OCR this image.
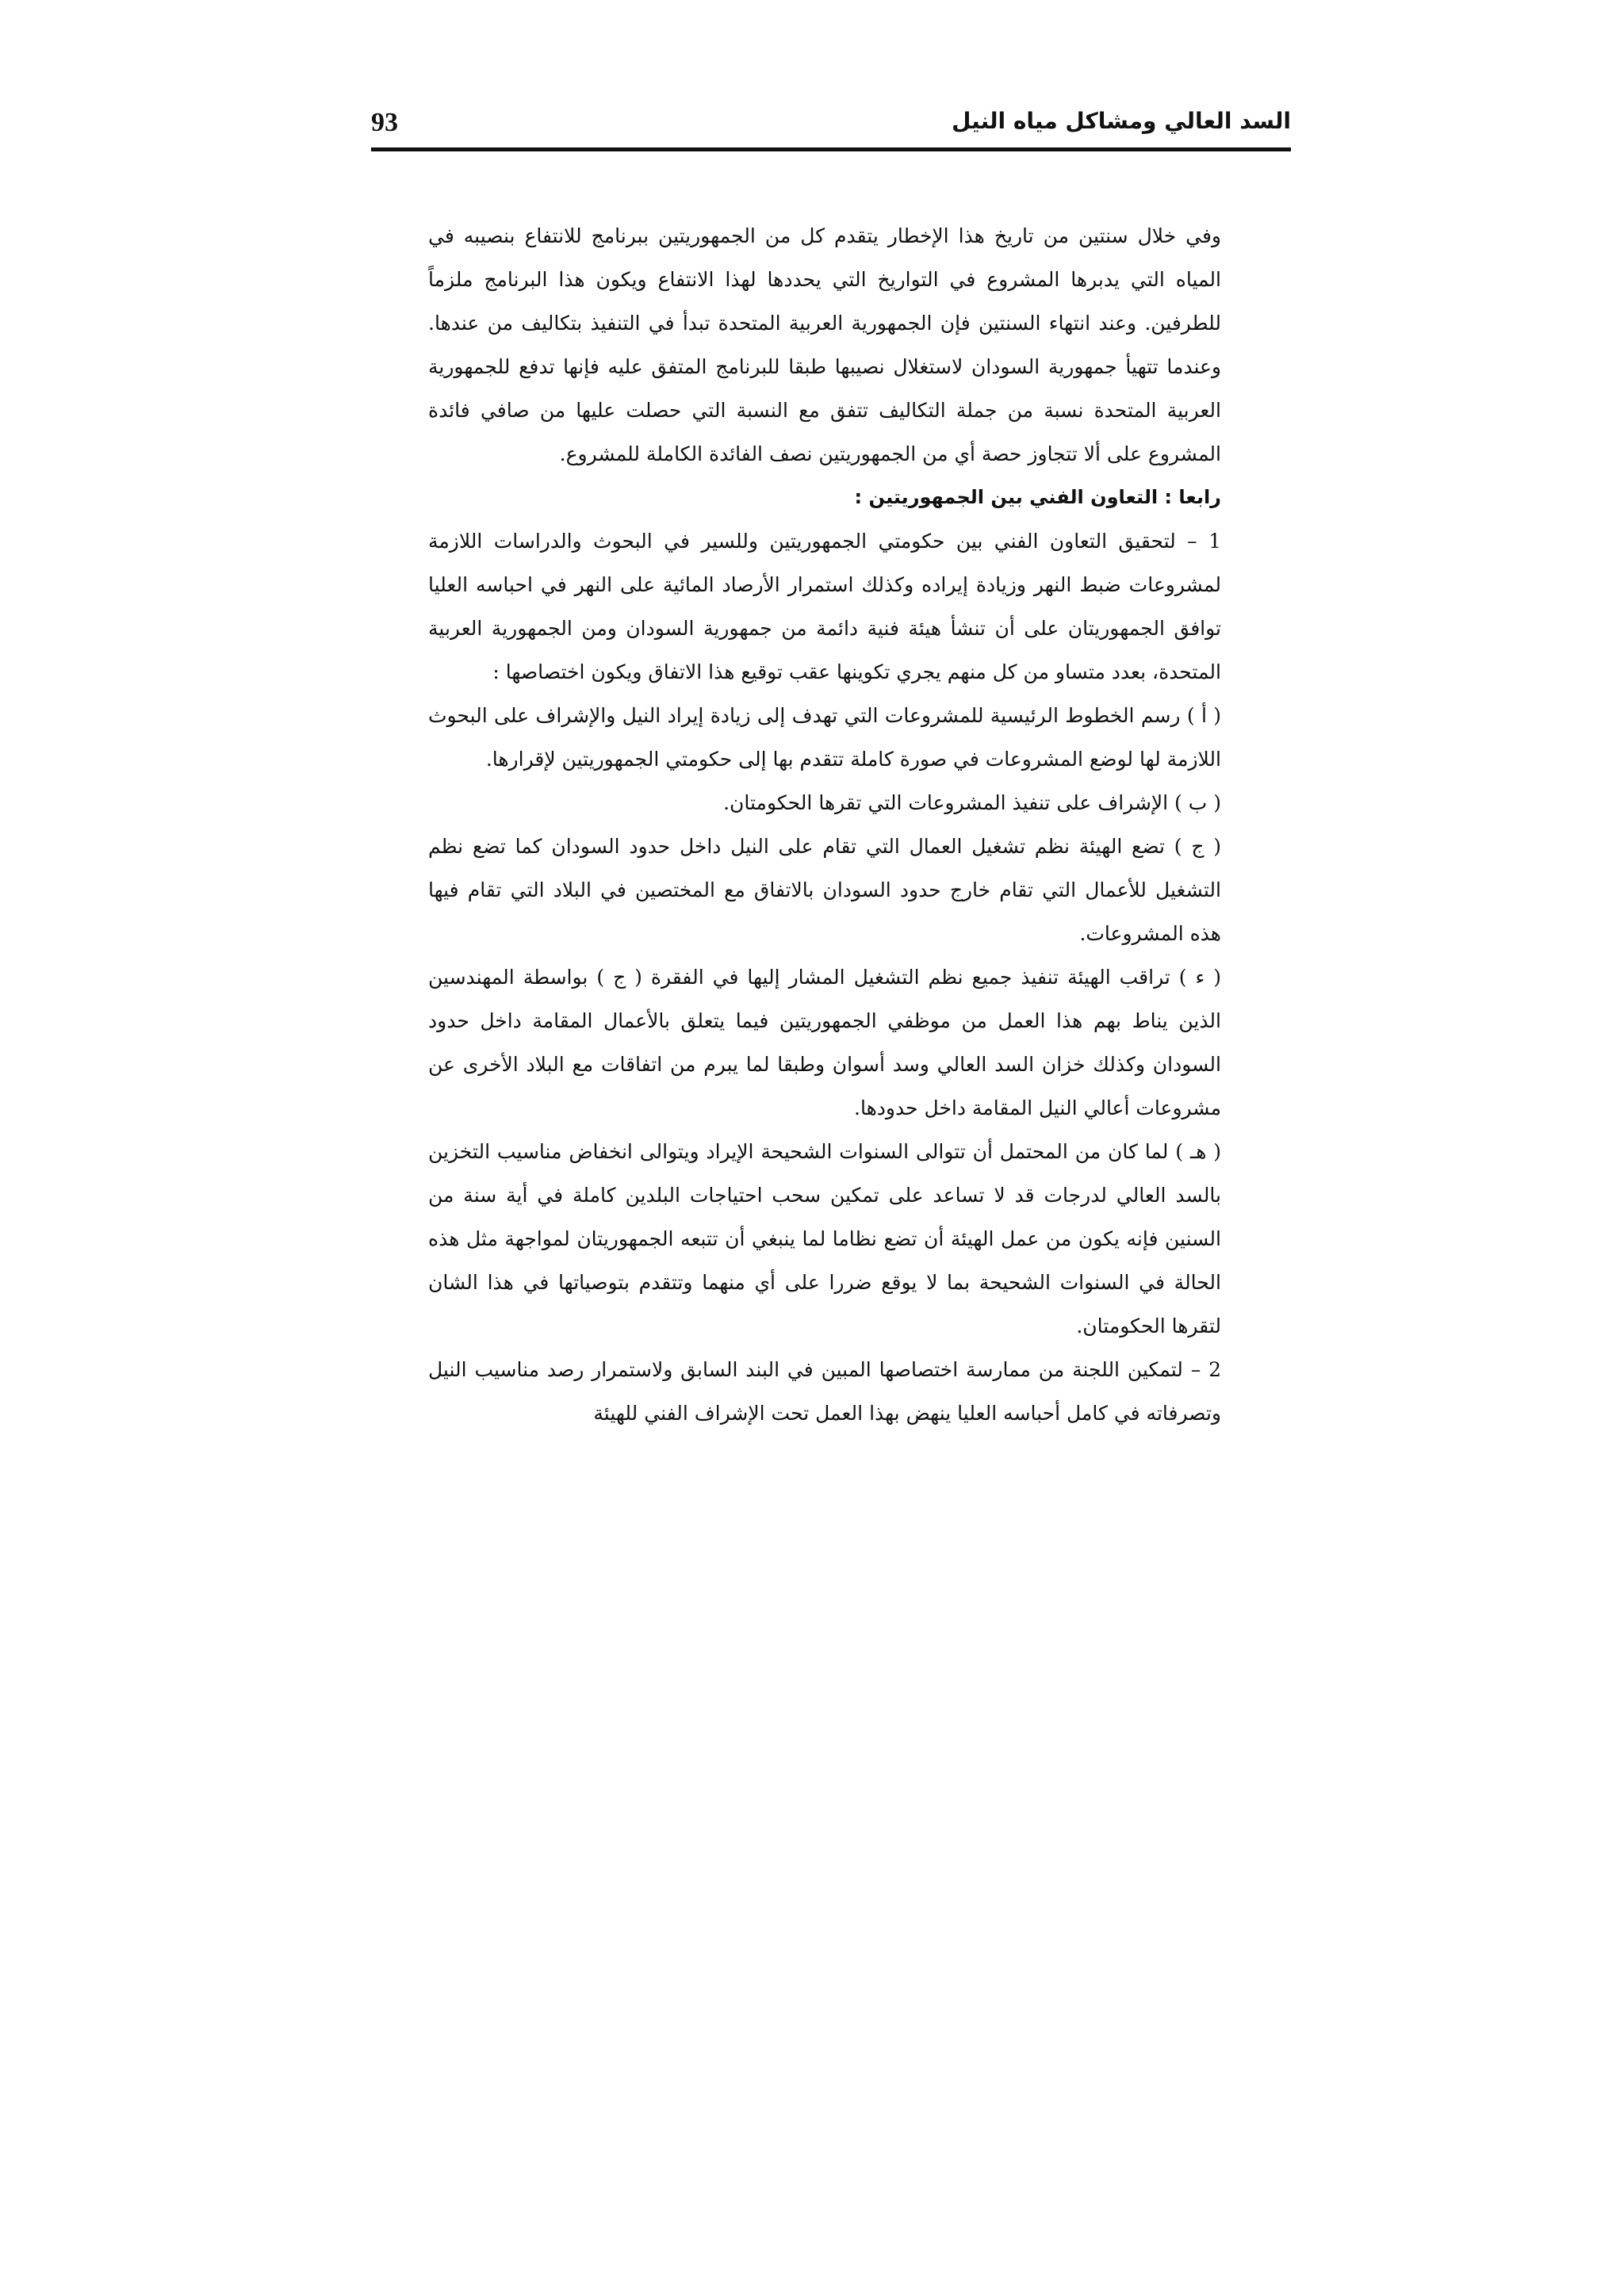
السد العالي ومشاكل مياه النيل
93

وفي خلال سنتين من تاريخ هذا الإخطار يتقدم كل من الجمهوريتين ببرنامج للانتفاع بنصيبه في المياه التي يدبرها المشروع في التواريخ التي يحددها لهذا الانتفاع ويكون هذا البرنامج ملزماً للطرفين. وعند انتهاء السنتين فإن الجمهورية العربية المتحدة تبدأ في التنفيذ بتكاليف من عندها. وعندما تتهيأ جمهورية السودان لاستغلال نصيبها طبقا للبرنامج المتفق عليه فإنها تدفع للجمهورية العربية المتحدة نسبة من جملة التكاليف تتفق مع النسبة التي حصلت عليها من صافي فائدة المشروع على ألا تتجاوز حصة أي من الجمهوريتين نصف الفائدة الكاملة للمشروع.

رابعا : التعاون الفني بين الجمهوريتين :

1 – لتحقيق التعاون الفني بين حكومتي الجمهوريتين وللسير في البحوث والدراسات اللازمة لمشروعات ضبط النهر وزيادة إيراده وكذلك استمرار الأرصاد المائية على النهر في احباسه العليا توافق الجمهوريتان على أن تنشأ هيئة فنية دائمة من جمهورية السودان ومن الجمهورية العربية المتحدة، بعدد متساو من كل منهم يجري تكوينها عقب توقيع هذا الاتفاق ويكون اختصاصها :

( أ ) رسم الخطوط الرئيسية للمشروعات التي تهدف إلى زيادة إيراد النيل والإشراف على البحوث اللازمة لها لوضع المشروعات في صورة كاملة تتقدم بها إلى حكومتي الجمهوريتين لإقرارها.

( ب ) الإشراف على تنفيذ المشروعات التي تقرها الحكومتان.

( ج ) تضع الهيئة نظم تشغيل العمال التي تقام على النيل داخل حدود السودان كما تضع نظم التشغيل للأعمال التي تقام خارج حدود السودان بالاتفاق مع المختصين في البلاد التي تقام فيها هذه المشروعات.

( ء ) تراقب الهيئة تنفيذ جميع نظم التشغيل المشار إليها في الفقرة ( ج ) بواسطة المهندسين الذين يناط بهم هذا العمل من موظفي الجمهوريتين فيما يتعلق بالأعمال المقامة داخل حدود السودان وكذلك خزان السد العالي وسد أسوان وطبقا لما يبرم من اتفاقات مع البلاد الأخرى عن مشروعات أعالي النيل المقامة داخل حدودها.

( هـ ) لما كان من المحتمل أن تتوالى السنوات الشحيحة الإيراد ويتوالى انخفاض مناسيب التخزين بالسد العالي لدرجات قد لا تساعد على تمكين سحب احتياجات البلدين كاملة في أية سنة من السنين فإنه يكون من عمل الهيئة أن تضع نظاما لما ينبغي أن تتبعه الجمهوريتان لمواجهة مثل هذه الحالة في السنوات الشحيحة بما لا يوقع ضررا على أي منهما وتتقدم بتوصياتها في هذا الشان لتقرها الحكومتان.

2 – لتمكين اللجنة من ممارسة اختصاصها المبين في البند السابق ولاستمرار رصد مناسيب النيل وتصرفاته في كامل أحباسه العليا ينهض بهذا العمل تحت الإشراف الفني للهيئة
